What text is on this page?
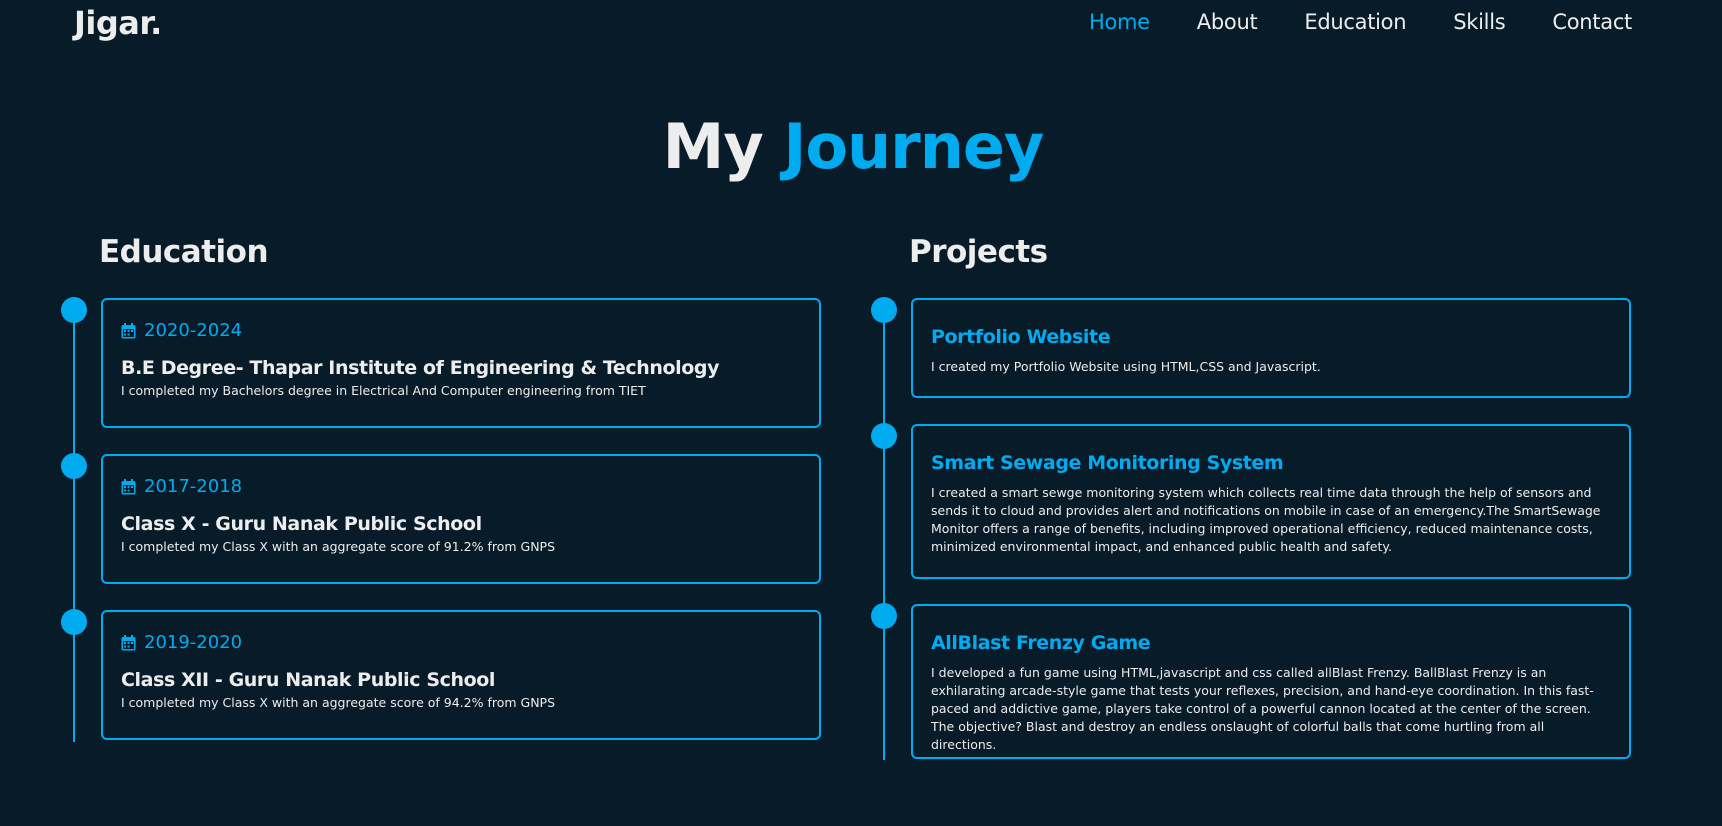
Jigar.	Home About Education Skills Contact
My Journey
Education
2020-2024
B.E Degree- Thapar Institute of Engineering & Technology
I completed my Bachelors degree in Electrical And Computer engineering from TIET
2017-2018
Class X - Guru Nanak Public School
I completed my Class X with an aggregate score of 91.2% from GNPS
2019-2020
Class XII - Guru Nanak Public School
I completed my Class X with an aggregate score of 94.2% from GNPS
Projects
Portfolio Website
I created my Portfolio Website using HTML,CSS and Javascript.
Smart Sewage Monitoring System
I created a smart sewge monitoring system which collects real time data through the help of sensors and sends it to cloud and provides alert and notifications on mobile in case of an emergency.The SmartSewage Monitor offers a range of benefits, including improved operational efficiency, reduced maintenance costs, minimized environmental impact, and enhanced public health and safety.
AllBlast Frenzy Game
I developed a fun game using HTML,javascript and css called allBlast Frenzy. BallBlast Frenzy is an exhilarating arcade-style game that tests your reflexes, precision, and hand-eye coordination. In this fast-paced and addictive game, players take control of a powerful cannon located at the center of the screen. The objective? Blast and destroy an endless onslaught of colorful balls that come hurtling from all directions.
